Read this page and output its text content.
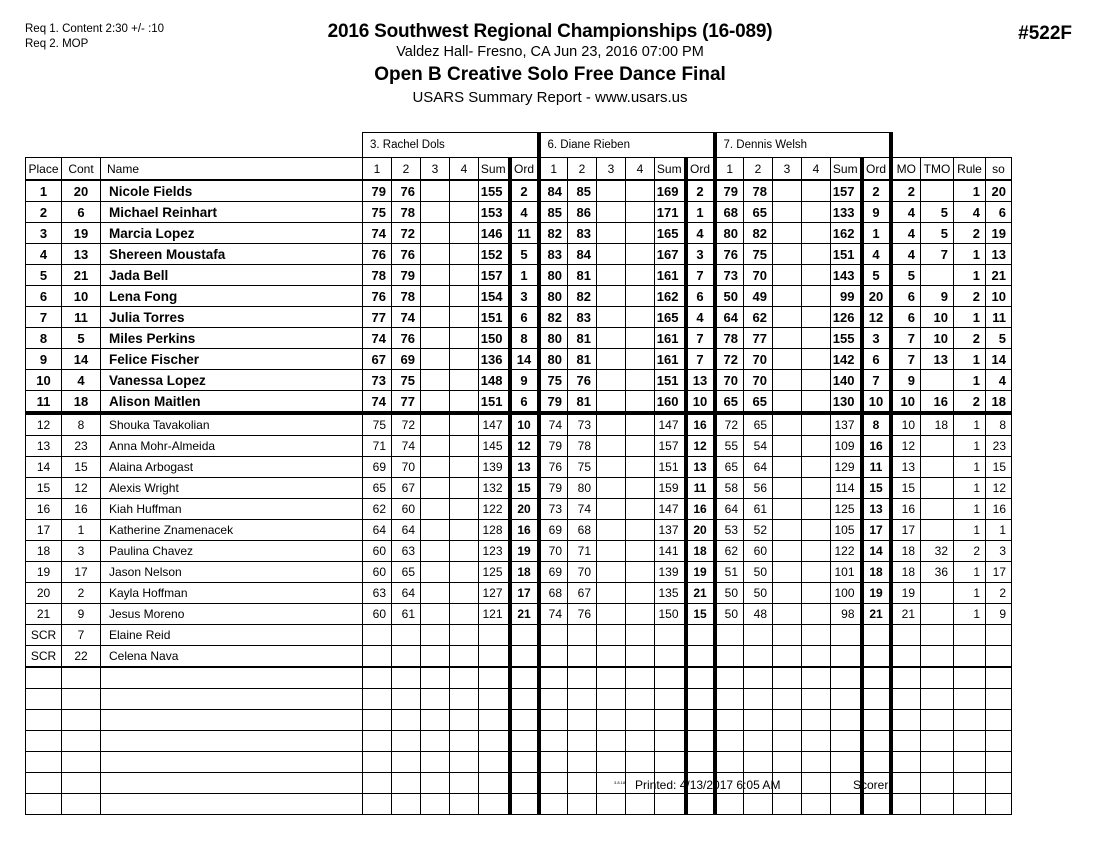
Req 1. Content 2:30 +/- :10
Req 2. MOP
2016 Southwest Regional Championships (16-089)
Valdez Hall- Fresno, CA Jun 23, 2016 07:00 PM
Open B Creative Solo Free Dance Final
USARS Summary Report - www.usars.us
#522F
			3. Rachel Dols						6. Diane Rieben						7. Dennis Welsh									
Place	Cont	Name	1	2	3	4	Sum	Ord	1	2	3	4	Sum	Ord	1	2	3	4	Sum	Ord	MO	TMO	Rule	so
1	20	Nicole Fields	79	76			155	2	84	85			169	2	79	78			157	2	2		1	20
2	6	Michael Reinhart	75	78			153	4	85	86			171	1	68	65			133	9	4	5	4	6
3	19	Marcia Lopez	74	72			146	11	82	83			165	4	80	82			162	1	4	5	2	19
4	13	Shereen Moustafa	76	76			152	5	83	84			167	3	76	75			151	4	4	7	1	13
5	21	Jada Bell	78	79			157	1	80	81			161	7	73	70			143	5	5		1	21
6	10	Lena Fong	76	78			154	3	80	82			162	6	50	49			99	20	6	9	2	10
7	11	Julia Torres	77	74			151	6	82	83			165	4	64	62			126	12	6	10	1	11
8	5	Miles Perkins	74	76			150	8	80	81			161	7	78	77			155	3	7	10	2	5
9	14	Felice Fischer	67	69			136	14	80	81			161	7	72	70			142	6	7	13	1	14
10	4	Vanessa Lopez	73	75			148	9	75	76			151	13	70	70			140	7	9		1	4
11	18	Alison Maitlen	74	77			151	6	79	81			160	10	65	65			130	10	10	16	2	18
12	8	Shouka Tavakolian	75	72			147	10	74	73			147	16	72	65			137	8	10	18	1	8
13	23	Anna Mohr-Almeida	71	74			145	12	79	78			157	12	55	54			109	16	12		1	23
14	15	Alaina Arbogast	69	70			139	13	76	75			151	13	65	64			129	11	13		1	15
15	12	Alexis Wright	65	67			132	15	79	80			159	11	58	56			114	15	15		1	12
16	16	Kiah Huffman	62	60			122	20	73	74			147	16	64	61			125	13	16		1	16
17	1	Katherine Znamenacek	64	64			128	16	69	68			137	20	53	52			105	17	17		1	1
18	3	Paulina Chavez	60	63			123	19	70	71			141	18	62	60			122	14	18	32	2	3
19	17	Jason Nelson	60	65			125	18	69	70			139	19	51	50			101	18	18	36	1	17
20	2	Kayla Hoffman	63	64			127	17	68	67			135	21	50	50			100	19	19		1	2
21	9	Jesus Moreno	60	61			121	21	74	76			150	15	50	48			98	21	21		1	9
SCR	7	Elaine Reid																						
SCR	22	Celena Nava																						

3.8.18 Printed: 4/13/2017 6:05 AM	Scorer:
